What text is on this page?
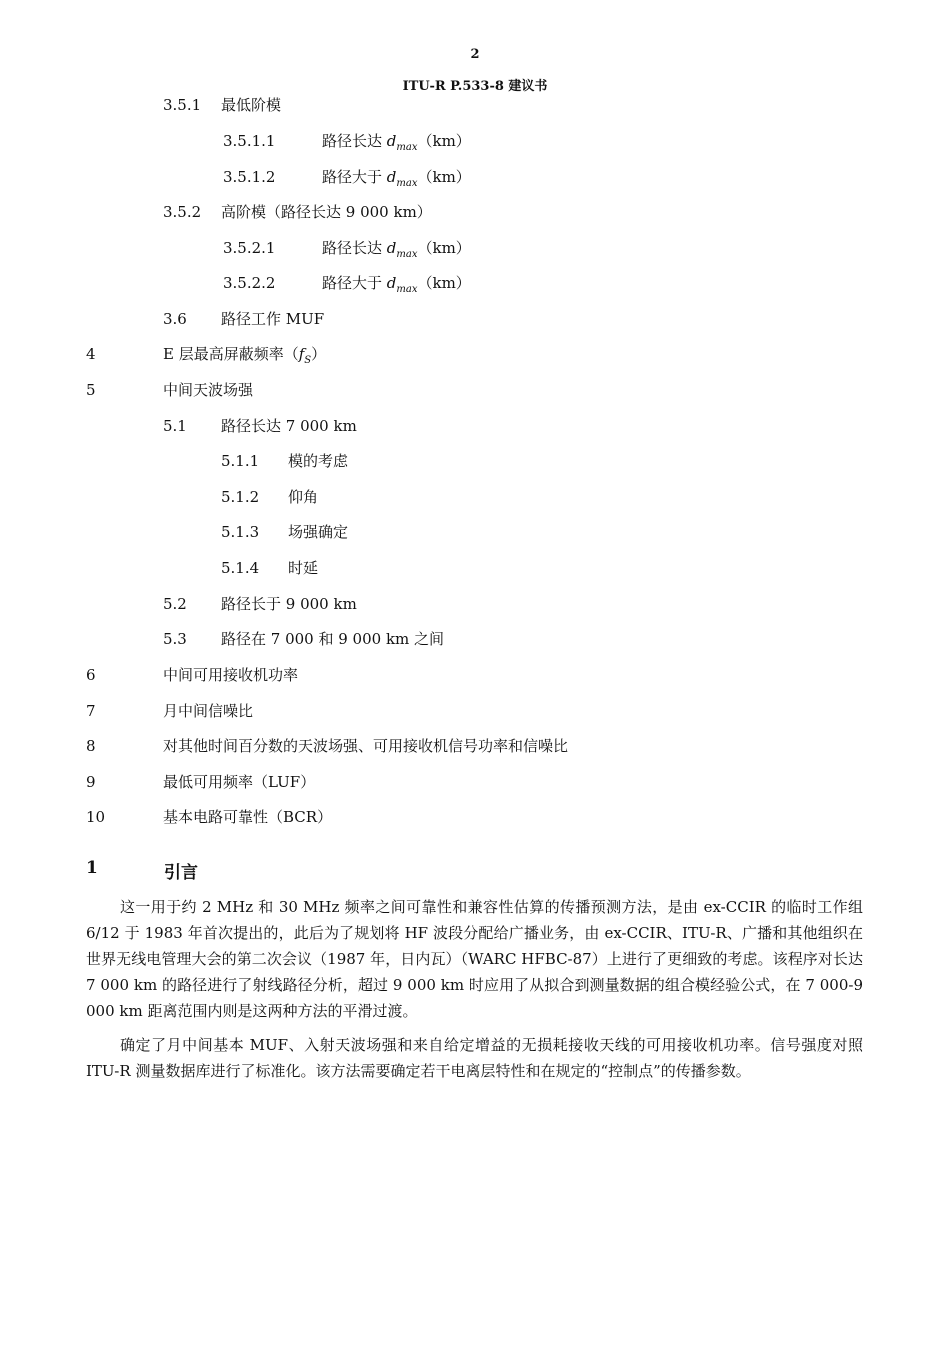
2
ITU-R P.533-8 建议书
3.5.1 最低阶模
3.5.1.1	路径长达 $d_{max}(km)$
3.5.1.2	路径大于 $d_{max}(km)$
3.5.2 高阶模（路径长达 9 000 km）
3.5.2.1	路径长达 $d_{max}(km)$
3.5.2.2	路径大于 $d_{max}(km)$
3.6 路径工作 MUF
4	E 层最高屏蔽频率$(f_S)$
5	中间天波场强
5.1 路径长达 7 000 km
5.1.1 模的考虑
5.1.2 仰角
5.1.3 场强确定
5.1.4 时延
5.2 路径长于 9 000 km
5.3 路径在 7 000 和 9 000 km 之间
6	中间可用接收机功率
7	月中间信噪比
8	对其他时间百分数的天波场强、可用接收机信号功率和信噪比
9	最低可用频率（LUF）
10	基本电路可靠性（BCR）
1	引言

这一用于约 2 MHz 和 30 MHz 频率之间可靠性和兼容性估算的传播预测方法，是由 ex-CCIR 的临时工作组 6/12 于 1983 年首次提出的，此后为了规划将 HF 波段分配给广播业务，由 ex-CCIR、ITU-R、广播和其他组织在世界无线电管理大会的第二次会议（1987 年，日内瓦）（WARC HFBC-87）上进行了更细致的考虑。该程序对长达 7 000 km 的路径进行了射线路径分析，超过 9 000 km 时应用了从拟合到测量数据的组合模经验公式，在 7 000-9 000 km 距离范围内则是这两种方法的平滑过渡。

确定了月中间基本 MUF、入射天波场强和来自给定增益的无损耗接收天线的可用接收机功率。信号强度对照 ITU-R 测量数据库进行了标准化。该方法需要确定若干电离层特性和在规定的“控制点”的传播参数。
